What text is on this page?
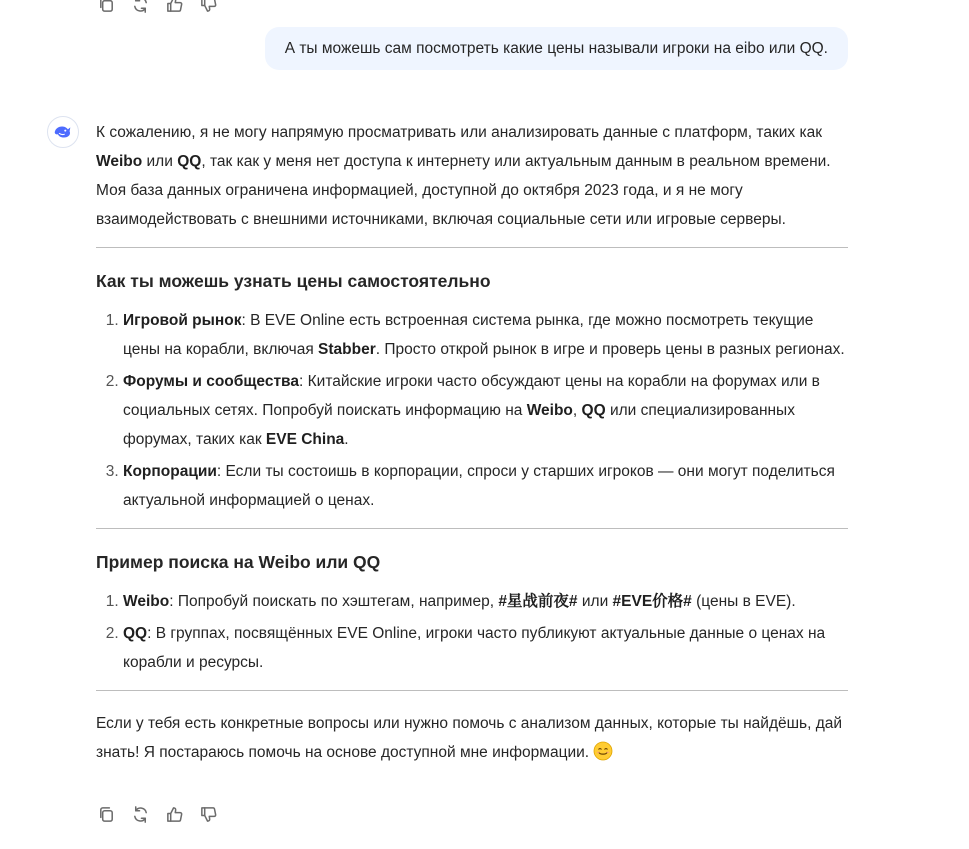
А ты можешь сам посмотреть какие цены называли игроки на eibo или QQ.

К сожалению, я не могу напрямую просматривать или анализировать данные с платформ, таких как Weibo или QQ, так как у меня нет доступа к интернету или актуальным данным в реальном времени. Моя база данных ограничена информацией, доступной до октября 2023 года, и я не могу взаимодействовать с внешними источниками, включая социальные сети или игровые серверы.

Как ты можешь узнать цены самостоятельно
1. Игровой рынок: В EVE Online есть встроенная система рынка, где можно посмотреть текущие цены на корабли, включая Stabber. Просто открой рынок в игре и проверь цены в разных регионах.
2. Форумы и сообщества: Китайские игроки часто обсуждают цены на корабли на форумах или в социальных сетях. Попробуй поискать информацию на Weibo, QQ или специализированных форумах, таких как EVE China.
3. Корпорации: Если ты состоишь в корпорации, спроси у старших игроков — они могут поделиться актуальной информацией о ценах.
Пример поиска на Weibo или QQ
1. Weibo: Попробуй поискать по хэштегам, например, #星战前夜# или #EVE价格# (цены в EVE).
2. QQ: В группах, посвящённых EVE Online, игроки часто публикуют актуальные данные о ценах на корабли и ресурсы.

Если у тебя есть конкретные вопросы или нужно помочь с анализом данных, которые ты найдёшь, дай знать! Я постараюсь помочь на основе доступной мне информации.
